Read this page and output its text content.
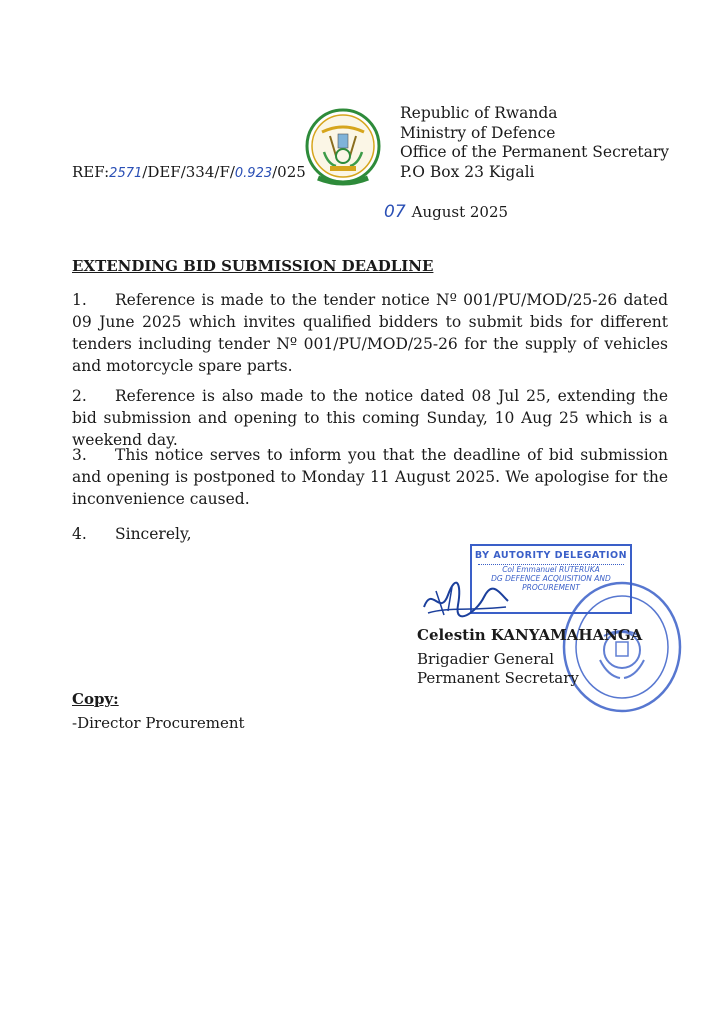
Republic of Rwanda
Ministry of Defence
Office of the Permanent Secretary
P.O Box 23 Kigali
REF:2571/DEF/334/F/0.923/025
07 August 2025
EXTENDING BID SUBMISSION DEADLINE
1. Reference is made to the tender notice Nº 001/PU/MOD/25-26 dated 09 June 2025 which invites qualified bidders to submit bids for different tenders including tender Nº 001/PU/MOD/25-26 for the supply of vehicles and motorcycle spare parts.
2. Reference is also made to the notice dated 08 Jul 25, extending the bid submission and opening to this coming Sunday, 10 Aug 25 which is a weekend day.
3. This notice serves to inform you that the deadline of bid submission and opening is postponed to Monday 11 August 2025. We apologise for the inconvenience caused.
4. Sincerely,
BY AUTORITY DELEGATION
Col Emmanuel RUTERUKA
DG DEFENCE ACQUISITION AND
PROCUREMENT
Celestin KANYAMAHANGA
Brigadier General
Permanent Secretary
Copy:
-Director Procurement
